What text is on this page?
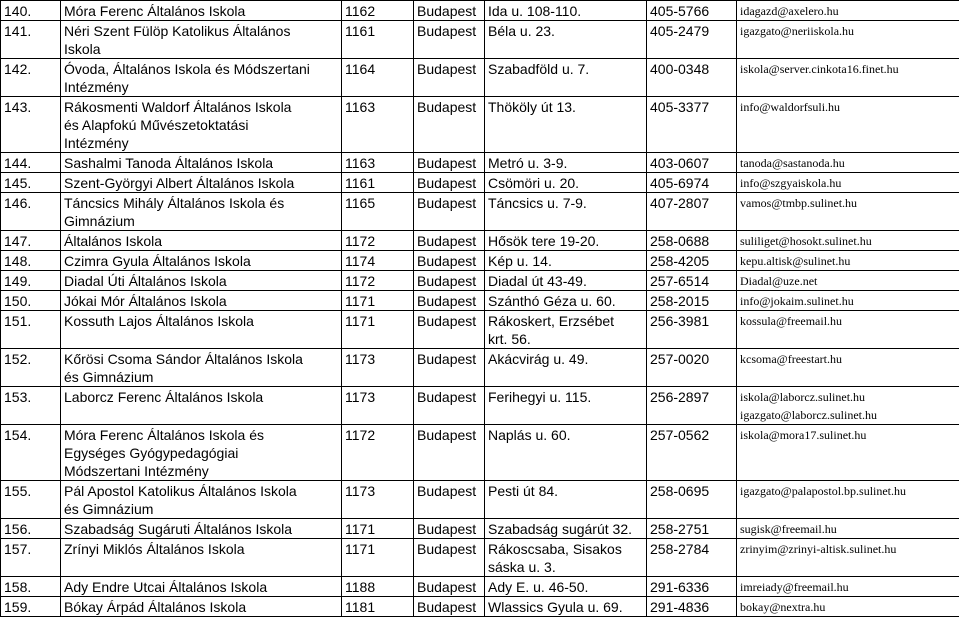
140.	Móra Ferenc Általános Iskola	1162	Budapest	Ida u. 108-110.	405-5766	idagazd@axelero.hu

141.	Néri Szent Fülöp Katolikus Általános
Iskola	1161	Budapest	Béla u. 23.	405-2479	igazgato@neriiskola.hu

142.	Óvoda, Általános Iskola és Módszertani
Intézmény	1164	Budapest	Szabadföld u. 7.	400-0348	iskola@server.cinkota16.finet.hu

143.	Rákosmenti Waldorf Általános Iskola
és Alapfokú Művészetoktatási
Intézmény	1163	Budapest	Thököly út 13.	405-3377	info@waldorfsuli.hu

144.	Sashalmi Tanoda Általános Iskola	1163	Budapest	Metró u. 3-9.	403-0607	tanoda@sastanoda.hu

145.	Szent-Györgyi Albert Általános Iskola	1161	Budapest	Csömöri u. 20.	405-6974	info@szgyaiskola.hu

146.	Táncsics Mihály Általános Iskola és
Gimnázium	1165	Budapest	Táncsics u. 7-9.	407-2807	vamos@tmbp.sulinet.hu

147.	Általános Iskola	1172	Budapest	Hősök tere 19-20.	258-0688	suliliget@hosokt.sulinet.hu

148.	Czimra Gyula Általános Iskola	1174	Budapest	Kép u. 14.	258-4205	kepu.altisk@sulinet.hu

149.	Diadal Úti Általános Iskola	1172	Budapest	Diadal út 43-49.	257-6514	Diadal@uze.net

150.	Jókai Mór Általános Iskola	1171	Budapest	Szánthó Géza u. 60.	258-2015	info@jokaim.sulinet.hu

151.	Kossuth Lajos Általános Iskola	1171	Budapest	Rákoskert, Erzsébet
krt. 56.	256-3981	kossula@freemail.hu

152.	Kőrösi Csoma Sándor Általános Iskola
és Gimnázium	1173	Budapest	Akácvirág u. 49.	257-0020	kcsoma@freestart.hu

153.	Laborcz Ferenc Általános Iskola	1173	Budapest	Ferihegyi u. 115.	256-2897	iskola@laborcz.sulinet.hu
igazgato@laborcz.sulinet.hu

154.	Móra Ferenc Általános Iskola és
Egységes Gyógypedagógiai
Módszertani Intézmény	1172	Budapest	Naplás u. 60.	257-0562	iskola@mora17.sulinet.hu

155.	Pál Apostol Katolikus Általános Iskola
és Gimnázium	1173	Budapest	Pesti út 84.	258-0695	igazgato@palapostol.bp.sulinet.hu

156.	Szabadság Sugáruti Általános Iskola	1171	Budapest	Szabadság sugárút 32.	258-2751	sugisk@freemail.hu

157.	Zrínyi Miklós Általános Iskola	1171	Budapest	Rákoscsaba, Sisakos
sáska u. 3.	258-2784	zrinyim@zrinyi-altisk.sulinet.hu

158.	Ady Endre Utcai Általános Iskola	1188	Budapest	Ady E. u. 46-50.	291-6336	imreiady@freemail.hu

159.	Bókay Árpád Általános Iskola	1181	Budapest	Wlassics Gyula u. 69.	291-4836	bokay@nextra.hu
